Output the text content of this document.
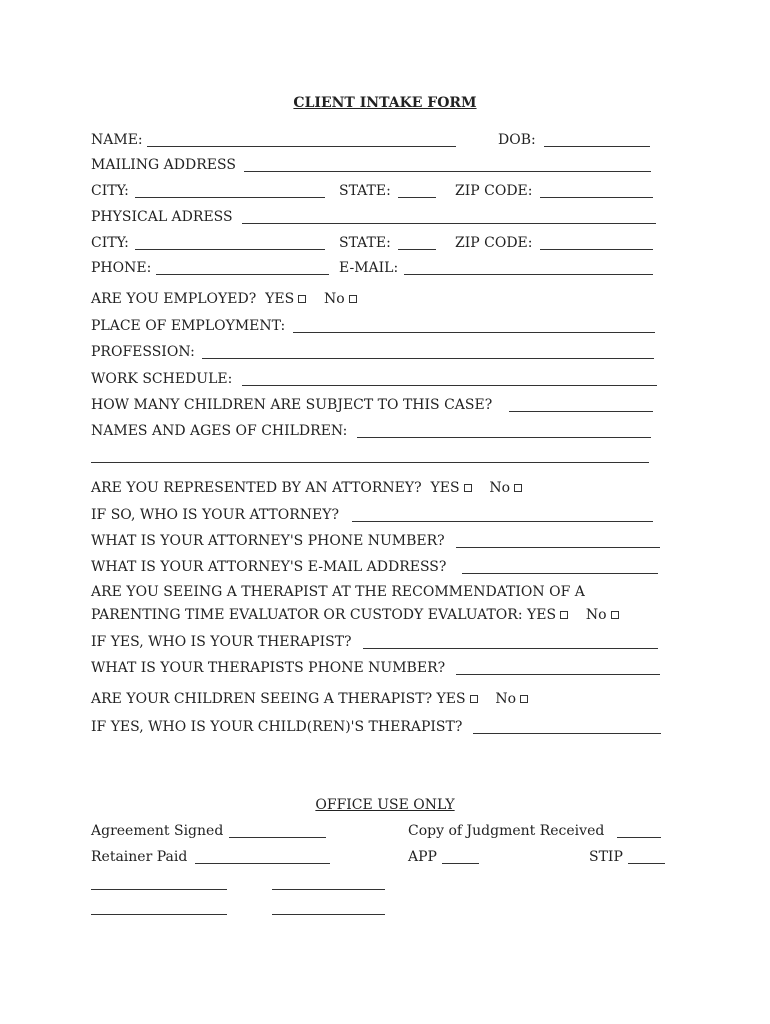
CLIENT INTAKE FORM
NAME:	DOB:
MAILING ADDRESS
CITY:	STATE:	ZIP CODE:
PHYSICAL ADRESS
CITY:	STATE:	ZIP CODE:
PHONE:	E-MAIL:
ARE YOU EMPLOYED? YES No
PLACE OF EMPLOYMENT:
PROFESSION:
WORK SCHEDULE:
HOW MANY CHILDREN ARE SUBJECT TO THIS CASE?
NAMES AND AGES OF CHILDREN:
ARE YOU REPRESENTED BY AN ATTORNEY? YES No
IF SO, WHO IS YOUR ATTORNEY?
WHAT IS YOUR ATTORNEY'S PHONE NUMBER?
WHAT IS YOUR ATTORNEY'S E-MAIL ADDRESS?
ARE YOU SEEING A THERAPIST AT THE RECOMMENDATION OF A
PARENTING TIME EVALUATOR OR CUSTODY EVALUATOR: YES No
IF YES, WHO IS YOUR THERAPIST?
WHAT IS YOUR THERAPISTS PHONE NUMBER?
ARE YOUR CHILDREN SEEING A THERAPIST? YES No
IF YES, WHO IS YOUR CHILD(REN)'S THERAPIST?
OFFICE USE ONLY
Agreement Signed	Copy of Judgment Received
Retainer Paid	APP	STIP
